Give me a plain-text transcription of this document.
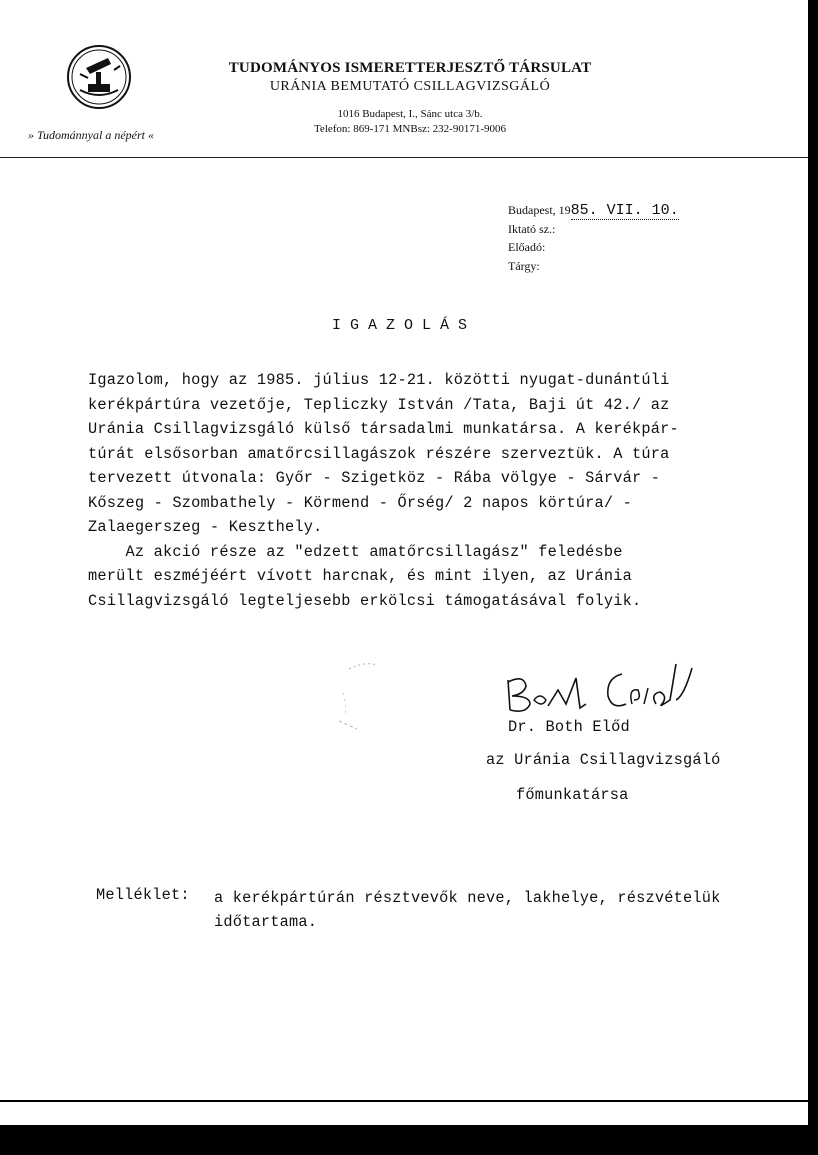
» Tudománnyal a népért «
TUDOMÁNYOS ISMERETTERJESZTŐ TÁRSULAT
URÁNIA BEMUTATÓ CSILLAGVIZSGÁLÓ
1016 Budapest, I., Sánc utca 3/b.
Telefon: 869-171 MNBsz: 232-90171-9006
Budapest, 1985. VII. 10.
Iktató sz.:
Előadó:
Tárgy:
IGAZOLÁS
Igazolom, hogy az 1985. július 12-21. közötti nyugat-dunántúli
kerékpártúra vezetője, Tepliczky István /Tata, Baji út 42./ az
Uránia Csillagvizsgáló külső társadalmi munkatársa. A kerékpár-
túrát elsősorban amatőrcsillagászok részére szerveztük. A túra
tervezett útvonala: Győr - Szigetköz - Rába völgye - Sárvár -
Kőszeg - Szombathely - Körmend - Őrség/ 2 napos körtúra/ -
Zalaegerszeg - Keszthely.
Az akció része az "edzett amatőrcsillagász" feledésbe
merült eszméjéért vívott harcnak, és mint ilyen, az Uránia
Csillagvizsgáló legteljesebb erkölcsi támogatásával folyik.
Dr. Both Előd
az Uránia Csillagvizsgáló
főmunkatársa
Melléklet: a kerékpártúrán résztvevők neve, lakhelye, részvételük
időtartama.
